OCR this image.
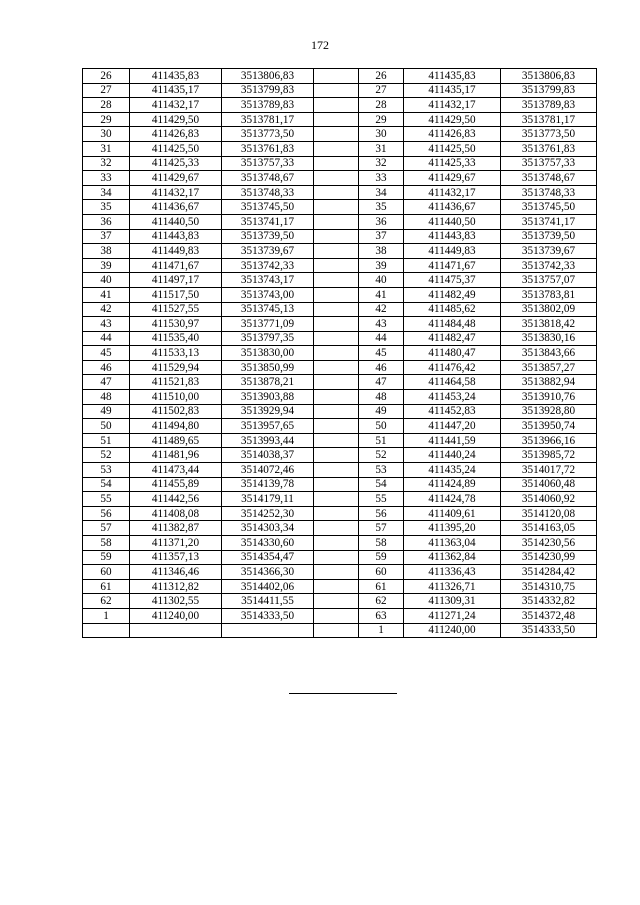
172
26	411435,83	3513806,83		26	411435,83	3513806,83
27	411435,17	3513799,83		27	411435,17	3513799,83
28	411432,17	3513789,83		28	411432,17	3513789,83
29	411429,50	3513781,17		29	411429,50	3513781,17
30	411426,83	3513773,50		30	411426,83	3513773,50
31	411425,50	3513761,83		31	411425,50	3513761,83
32	411425,33	3513757,33		32	411425,33	3513757,33
33	411429,67	3513748,67		33	411429,67	3513748,67
34	411432,17	3513748,33		34	411432,17	3513748,33
35	411436,67	3513745,50		35	411436,67	3513745,50
36	411440,50	3513741,17		36	411440,50	3513741,17
37	411443,83	3513739,50		37	411443,83	3513739,50
38	411449,83	3513739,67		38	411449,83	3513739,67
39	411471,67	3513742,33		39	411471,67	3513742,33
40	411497,17	3513743,17		40	411475,37	3513757,07
41	411517,50	3513743,00		41	411482,49	3513783,81
42	411527,55	3513745,13		42	411485,62	3513802,09
43	411530,97	3513771,09		43	411484,48	3513818,42
44	411535,40	3513797,35		44	411482,47	3513830,16
45	411533,13	3513830,00		45	411480,47	3513843,66
46	411529,94	3513850,99		46	411476,42	3513857,27
47	411521,83	3513878,21		47	411464,58	3513882,94
48	411510,00	3513903,88		48	411453,24	3513910,76
49	411502,83	3513929,94		49	411452,83	3513928,80
50	411494,80	3513957,65		50	411447,20	3513950,74
51	411489,65	3513993,44		51	411441,59	3513966,16
52	411481,96	3514038,37		52	411440,24	3513985,72
53	411473,44	3514072,46		53	411435,24	3514017,72
54	411455,89	3514139,78		54	411424,89	3514060,48
55	411442,56	3514179,11		55	411424,78	3514060,92
56	411408,08	3514252,30		56	411409,61	3514120,08
57	411382,87	3514303,34		57	411395,20	3514163,05
58	411371,20	3514330,60		58	411363,04	3514230,56
59	411357,13	3514354,47		59	411362,84	3514230,99
60	411346,46	3514366,30		60	411336,43	3514284,42
61	411312,82	3514402,06		61	411326,71	3514310,75
62	411302,55	3514411,55		62	411309,31	3514332,82
1	411240,00	3514333,50		63	411271,24	3514372,48
				1	411240,00	3514333,50
